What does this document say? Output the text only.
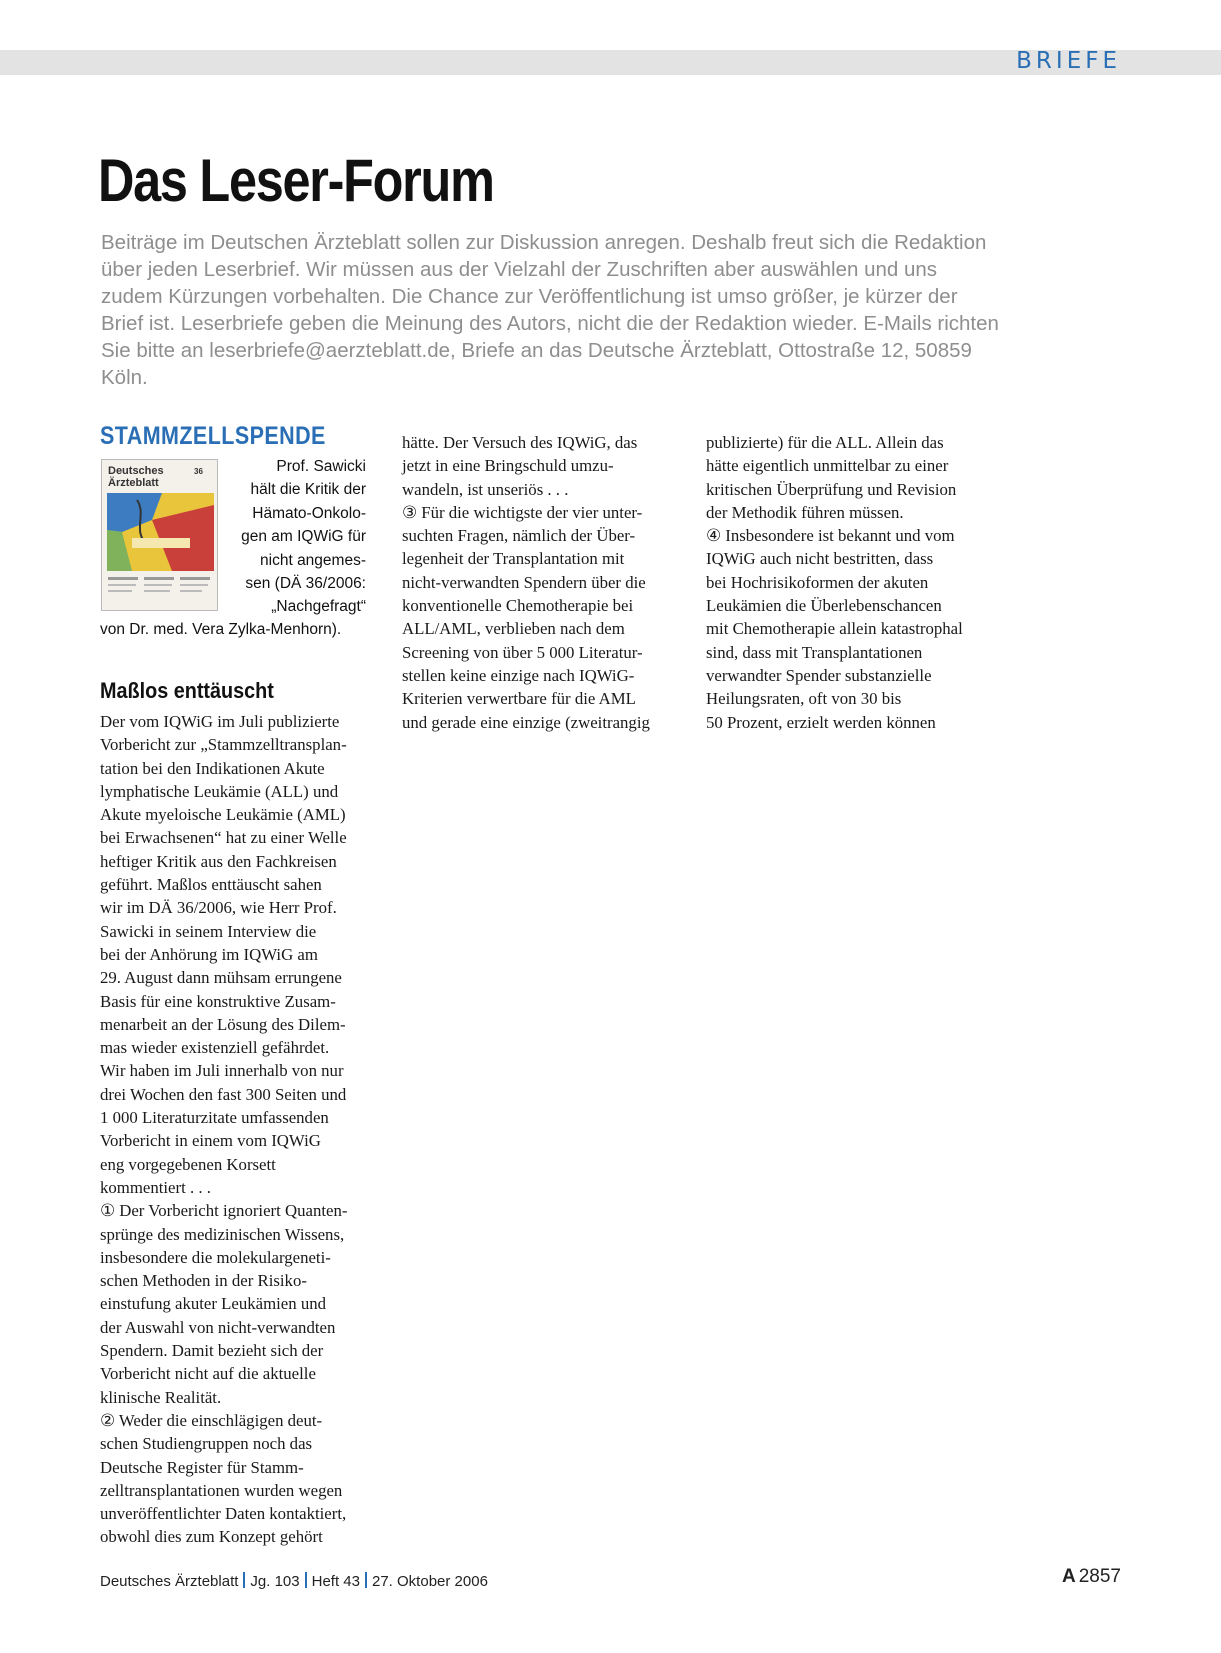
BRIEFE
Das Leser-Forum

Beiträge im Deutschen Ärzteblatt sollen zur Diskussion anregen. Deshalb freut sich die Redaktion über jeden Leserbrief. Wir müssen aus der Vielzahl der Zuschriften aber auswählen und uns zudem Kürzungen vorbehalten. Die Chance zur Veröffentlichung ist umso größer, je kürzer der Brief ist. Leserbriefe geben die Meinung des Autors, nicht die der Redaktion wieder. E-Mails richten Sie bitte an leserbriefe@aerzteblatt.de, Briefe an das Deutsche Ärzteblatt, Ottostraße 12, 50859 Köln.

STAMMZELLSPENDE
Deutsches
Ärzteblatt
36	Prof. Sawicki
hält die Kritik der
Hämato-Onkolo-
gen am IQWiG für
nicht angemes-
sen (DÄ 36/2006:
„Nachgefragt“

von Dr. med. Vera Zylka-Menhorn).

Maßlos enttäuscht

Der vom IQWiG im Juli publizierte

Vorbericht zur „Stammzelltransplan-

tation bei den Indikationen Akute

lymphatische Leukämie (ALL) und

Akute myeloische Leukämie (AML)

bei Erwachsenen“ hat zu einer Welle

heftiger Kritik aus den Fachkreisen

geführt. Maßlos enttäuscht sahen

wir im DÄ 36/2006, wie Herr Prof.

Sawicki in seinem Interview die

bei der Anhörung im IQWiG am

29. August dann mühsam errungene

Basis für eine konstruktive Zusam-

menarbeit an der Lösung des Dilem-

mas wieder existenziell gefährdet.

Wir haben im Juli innerhalb von nur

drei Wochen den fast 300 Seiten und

1 000 Literaturzitate umfassenden

Vorbericht in einem vom IQWiG

eng vorgegebenen Korsett

kommentiert . . .

① Der Vorbericht ignoriert Quanten-

sprünge des medizinischen Wissens,

insbesondere die molekulargeneti-

schen Methoden in der Risiko-

einstufung akuter Leukämien und

der Auswahl von nicht-verwandten

Spendern. Damit bezieht sich der

Vorbericht nicht auf die aktuelle

klinische Realität.

② Weder die einschlägigen deut-

schen Studiengruppen noch das

Deutsche Register für Stamm-

zelltransplantationen wurden wegen

unveröffentlichter Daten kontaktiert,

obwohl dies zum Konzept gehört

hätte. Der Versuch des IQWiG, das

jetzt in eine Bringschuld umzu-

wandeln, ist unseriös . . .

③ Für die wichtigste der vier unter-

suchten Fragen, nämlich der Über-

legenheit der Transplantation mit

nicht-verwandten Spendern über die

konventionelle Chemotherapie bei

ALL/AML, verblieben nach dem

Screening von über 5 000 Literatur-

stellen keine einzige nach IQWiG-

Kriterien verwertbare für die AML

und gerade eine einzige (zweitrangig

publizierte) für die ALL. Allein das

hätte eigentlich unmittelbar zu einer

kritischen Überprüfung und Revision

der Methodik führen müssen.

④ Insbesondere ist bekannt und vom

IQWiG auch nicht bestritten, dass

bei Hochrisikoformen der akuten

Leukämien die Überlebenschancen

mit Chemotherapie allein katastrophal

sind, dass mit Transplantationen

verwandter Spender substanzielle

Heilungsraten, oft von 30 bis

50 Prozent, erzielt werden können

Deutsches Ärzteblatt Jg. 103 Heft 43 27. Oktober 2006	A 2857
